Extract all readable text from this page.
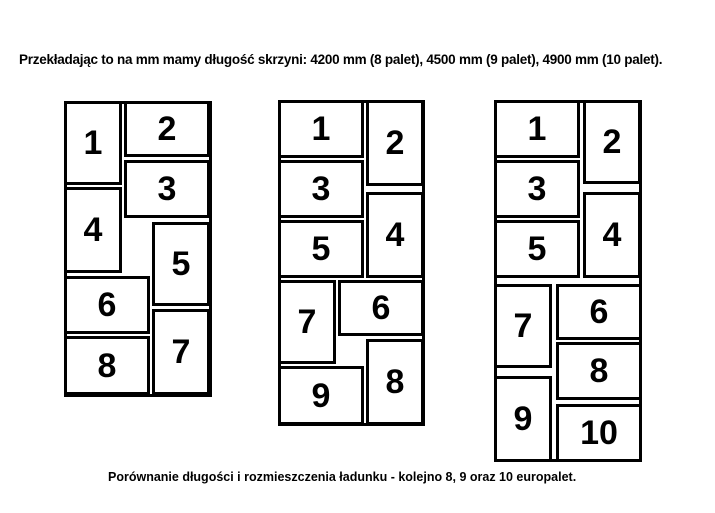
Przekładając to na mm mamy długość skrzyni: 4200 mm (8 palet), 4500 mm (9 palet), 4900 mm (10 palet).
1 2
3
4
5
6
7
8
1 2
3
4
5
6
7
8
9
1 2
3
4
5
6
7
8
9 10
Porównanie długości i rozmieszczenia ładunku - kolejno 8, 9 oraz 10 europalet.
